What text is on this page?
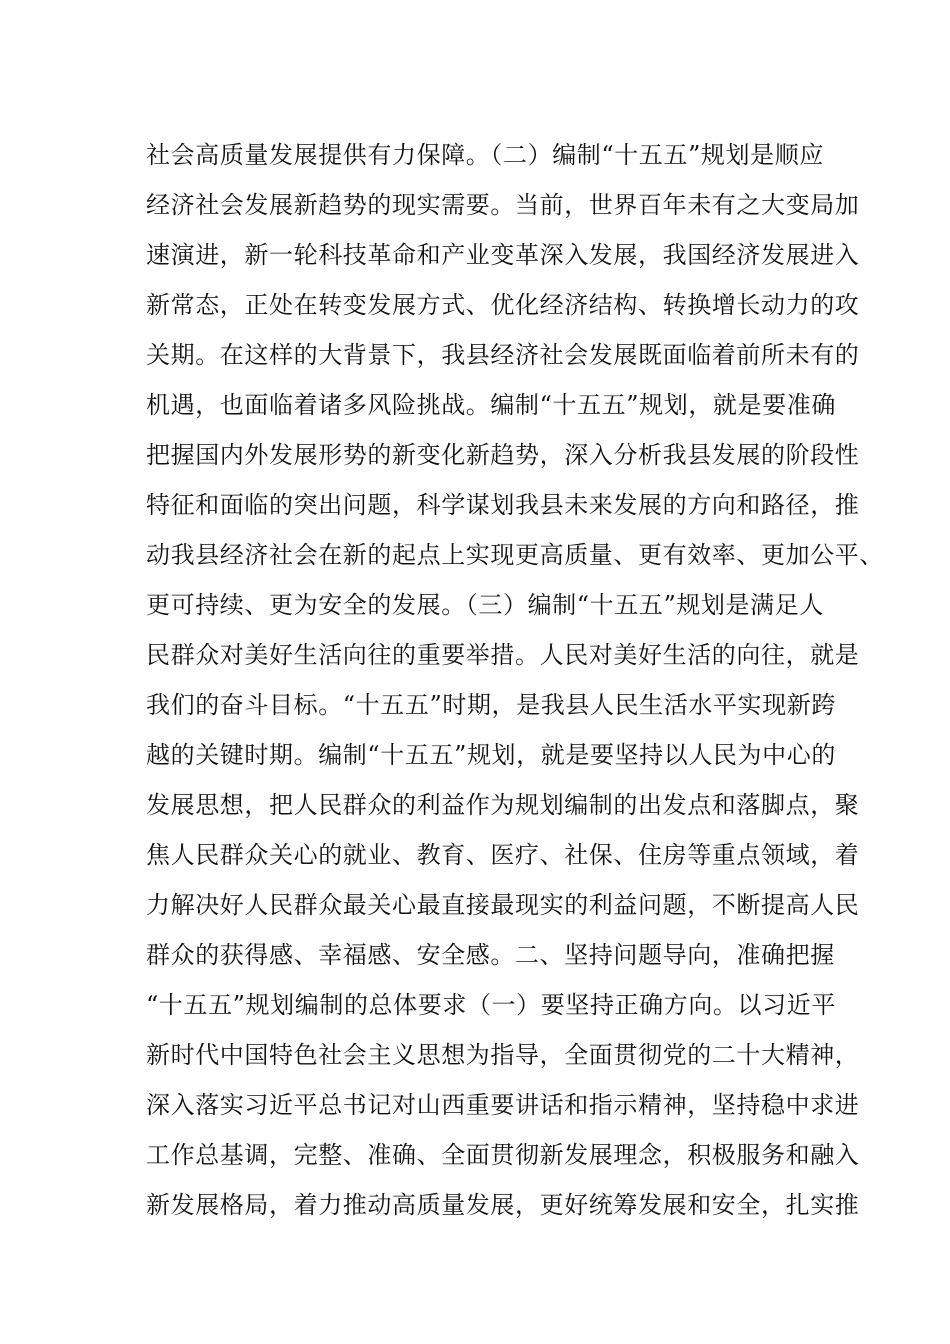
社会高质量发展提供有力保障。（二）编制“十五五”规划是顺应
经济社会发展新趋势的现实需要。当前，世界百年未有之大变局加
速演进，新一轮科技革命和产业变革深入发展，我国经济发展进入
新常态，正处在转变发展方式、优化经济结构、转换增长动力的攻
关期。在这样的大背景下，我县经济社会发展既面临着前所未有的
机遇，也面临着诸多风险挑战。编制“十五五”规划，就是要准确
把握国内外发展形势的新变化新趋势，深入分析我县发展的阶段性
特征和面临的突出问题，科学谋划我县未来发展的方向和路径，推
动我县经济社会在新的起点上实现更高质量、更有效率、更加公平、
更可持续、更为安全的发展。（三）编制“十五五”规划是满足人
民群众对美好生活向往的重要举措。人民对美好生活的向往，就是
我们的奋斗目标。“十五五”时期，是我县人民生活水平实现新跨
越的关键时期。编制“十五五”规划，就是要坚持以人民为中心的
发展思想，把人民群众的利益作为规划编制的出发点和落脚点，聚
焦人民群众关心的就业、教育、医疗、社保、住房等重点领域，着
力解决好人民群众最关心最直接最现实的利益问题，不断提高人民
群众的获得感、幸福感、安全感。二、坚持问题导向，准确把握
“十五五”规划编制的总体要求（一）要坚持正确方向。以习近平
新时代中国特色社会主义思想为指导，全面贯彻党的二十大精神，
深入落实习近平总书记对山西重要讲话和指示精神，坚持稳中求进
工作总基调，完整、准确、全面贯彻新发展理念，积极服务和融入
新发展格局，着力推动高质量发展，更好统筹发展和安全，扎实推
